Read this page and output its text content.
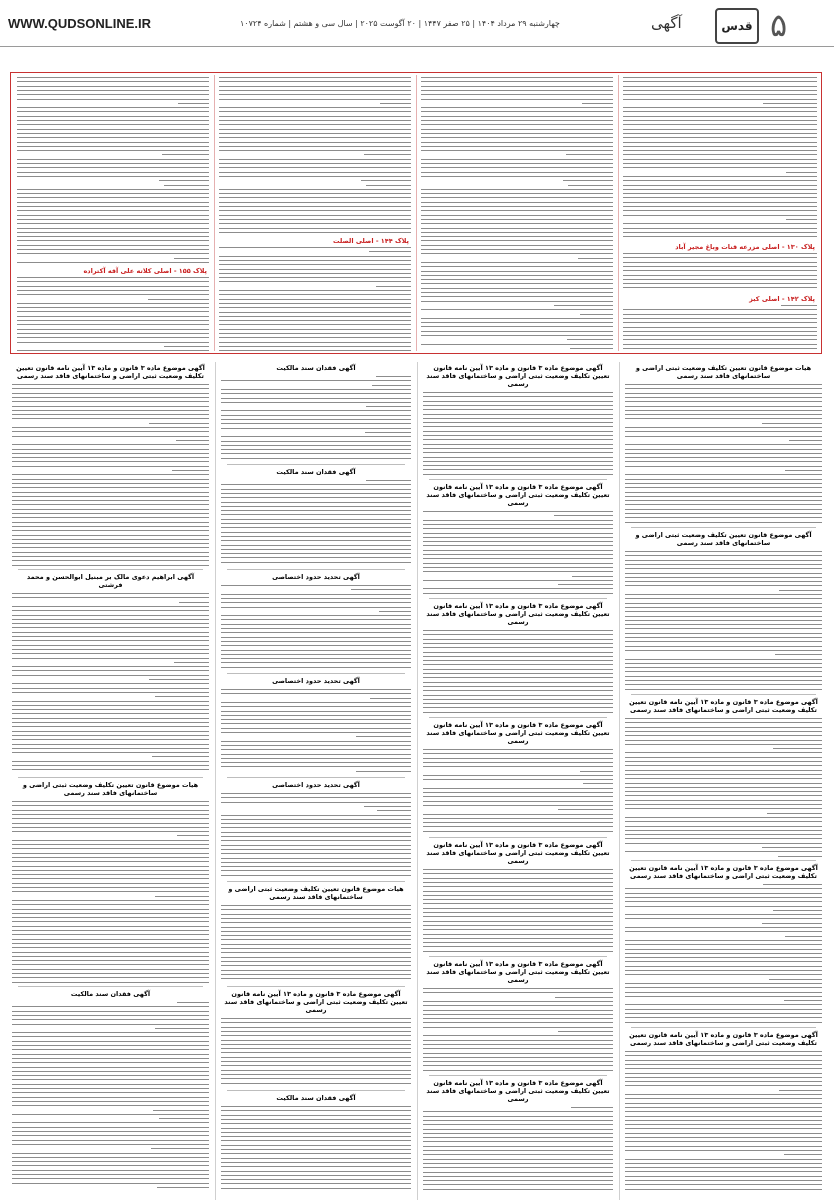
WWW.QUDSONLINE.IR	چهارشنبه ۲۹ مرداد ۱۴۰۴ | ۲۵ صفر ۱۴۴۷ | ۲۰ آگوست ۲۰۲۵ | سال سی و هشتم | شماره ۱۰۷۲۴	آگهی	قدس ۵
پلاک ۱۳۰ - اصلی مزرعه قنات وباغ مجیر آباد
پلاک ۱۴۲ - اصلی کبز
پلاک ۱۴۴ - اصلی الصلت
پلاک ۱۵۵ - اصلی کلاته علی آقه آکتراده
هیات موضوع قانون تعیین تکلیف وضعیت ثبتی اراضی و ساختمانهای فاقد سند رسمی
آگهی موضوع قانون تعیین تکلیف وضعیت ثبتی اراضی و ساختمانهای فاقد سند رسمی
آگهی موضوع ماده ۳ قانون و ماده ۱۳ آیین نامه قانون تعیین تکلیف وضعیت ثبتی اراضی و ساختمانهای فاقد سند رسمی
آگهی موضوع ماده ۳ قانون و ماده ۱۳ آیین نامه قانون تعیین تکلیف وضعیت ثبتی اراضی و ساختمانهای فاقد سند رسمی
آگهی موضوع ماده ۳ قانون و ماده ۱۳ آیین نامه قانون تعیین تکلیف وضعیت ثبتی اراضی و ساختمانهای فاقد سند رسمی
آگهی موضوع ماده ۳ قانون و ماده ۱۳ آیین نامه قانون تعیین تکلیف وضعیت ثبتی اراضی و ساختمانهای فاقد سند رسمی
آگهی موضوع ماده ۳ قانون و ماده ۱۳ آیین نامه قانون تعیین تکلیف وضعیت ثبتی اراضی و ساختمانهای فاقد سند رسمی
آگهی موضوع ماده ۳ قانون و ماده ۱۳ آیین نامه قانون تعیین تکلیف وضعیت ثبتی اراضی و ساختمانهای فاقد سند رسمی
آگهی موضوع ماده ۳ قانون و ماده ۱۳ آیین نامه قانون تعیین تکلیف وضعیت ثبتی اراضی و ساختمانهای فاقد سند رسمی
آگهی موضوع ماده ۳ قانون و ماده ۱۳ آیین نامه قانون تعیین تکلیف وضعیت ثبتی اراضی و ساختمانهای فاقد سند رسمی
آگهی موضوع ماده ۳ قانون و ماده ۱۳ آیین نامه قانون تعیین تکلیف وضعیت ثبتی اراضی و ساختمانهای فاقد سند رسمی
آگهی موضوع ماده ۳ قانون و ماده ۱۳ آیین نامه قانون تعیین تکلیف وضعیت ثبتی اراضی و ساختمانهای فاقد سند رسمی
آگهی فقدان سند مالکیت
آگهی فقدان سند مالکیت
آگهی تحدید حدود اختصاصی
آگهی تحدید حدود اختصاصی
آگهی تحدید حدود اختصاصی
هیات موضوع قانون تعیین تکلیف وضعیت ثبتی اراضی و ساختمانهای فاقد سند رسمی
آگهی موضوع ماده ۳ قانون و ماده ۱۳ آیین نامه قانون تعیین تکلیف وضعیت ثبتی اراضی و ساختمانهای فاقد سند رسمی
آگهی فقدان سند مالکیت
آگهی موضوع ماده ۳ قانون و ماده ۱۳ آیین نامه قانون تعیین تکلیف وضعیت ثبتی اراضی و ساختمانهای فاقد سند رسمی
آگهی ابراهیم دعوی مالک بر مبنیل ابوالحسن و محمد فرشتی
هیات موضوع قانون تعیین تکلیف وضعیت ثبتی اراضی و ساختمانهای فاقد سند رسمی
آگهی فقدان سند مالکیت
